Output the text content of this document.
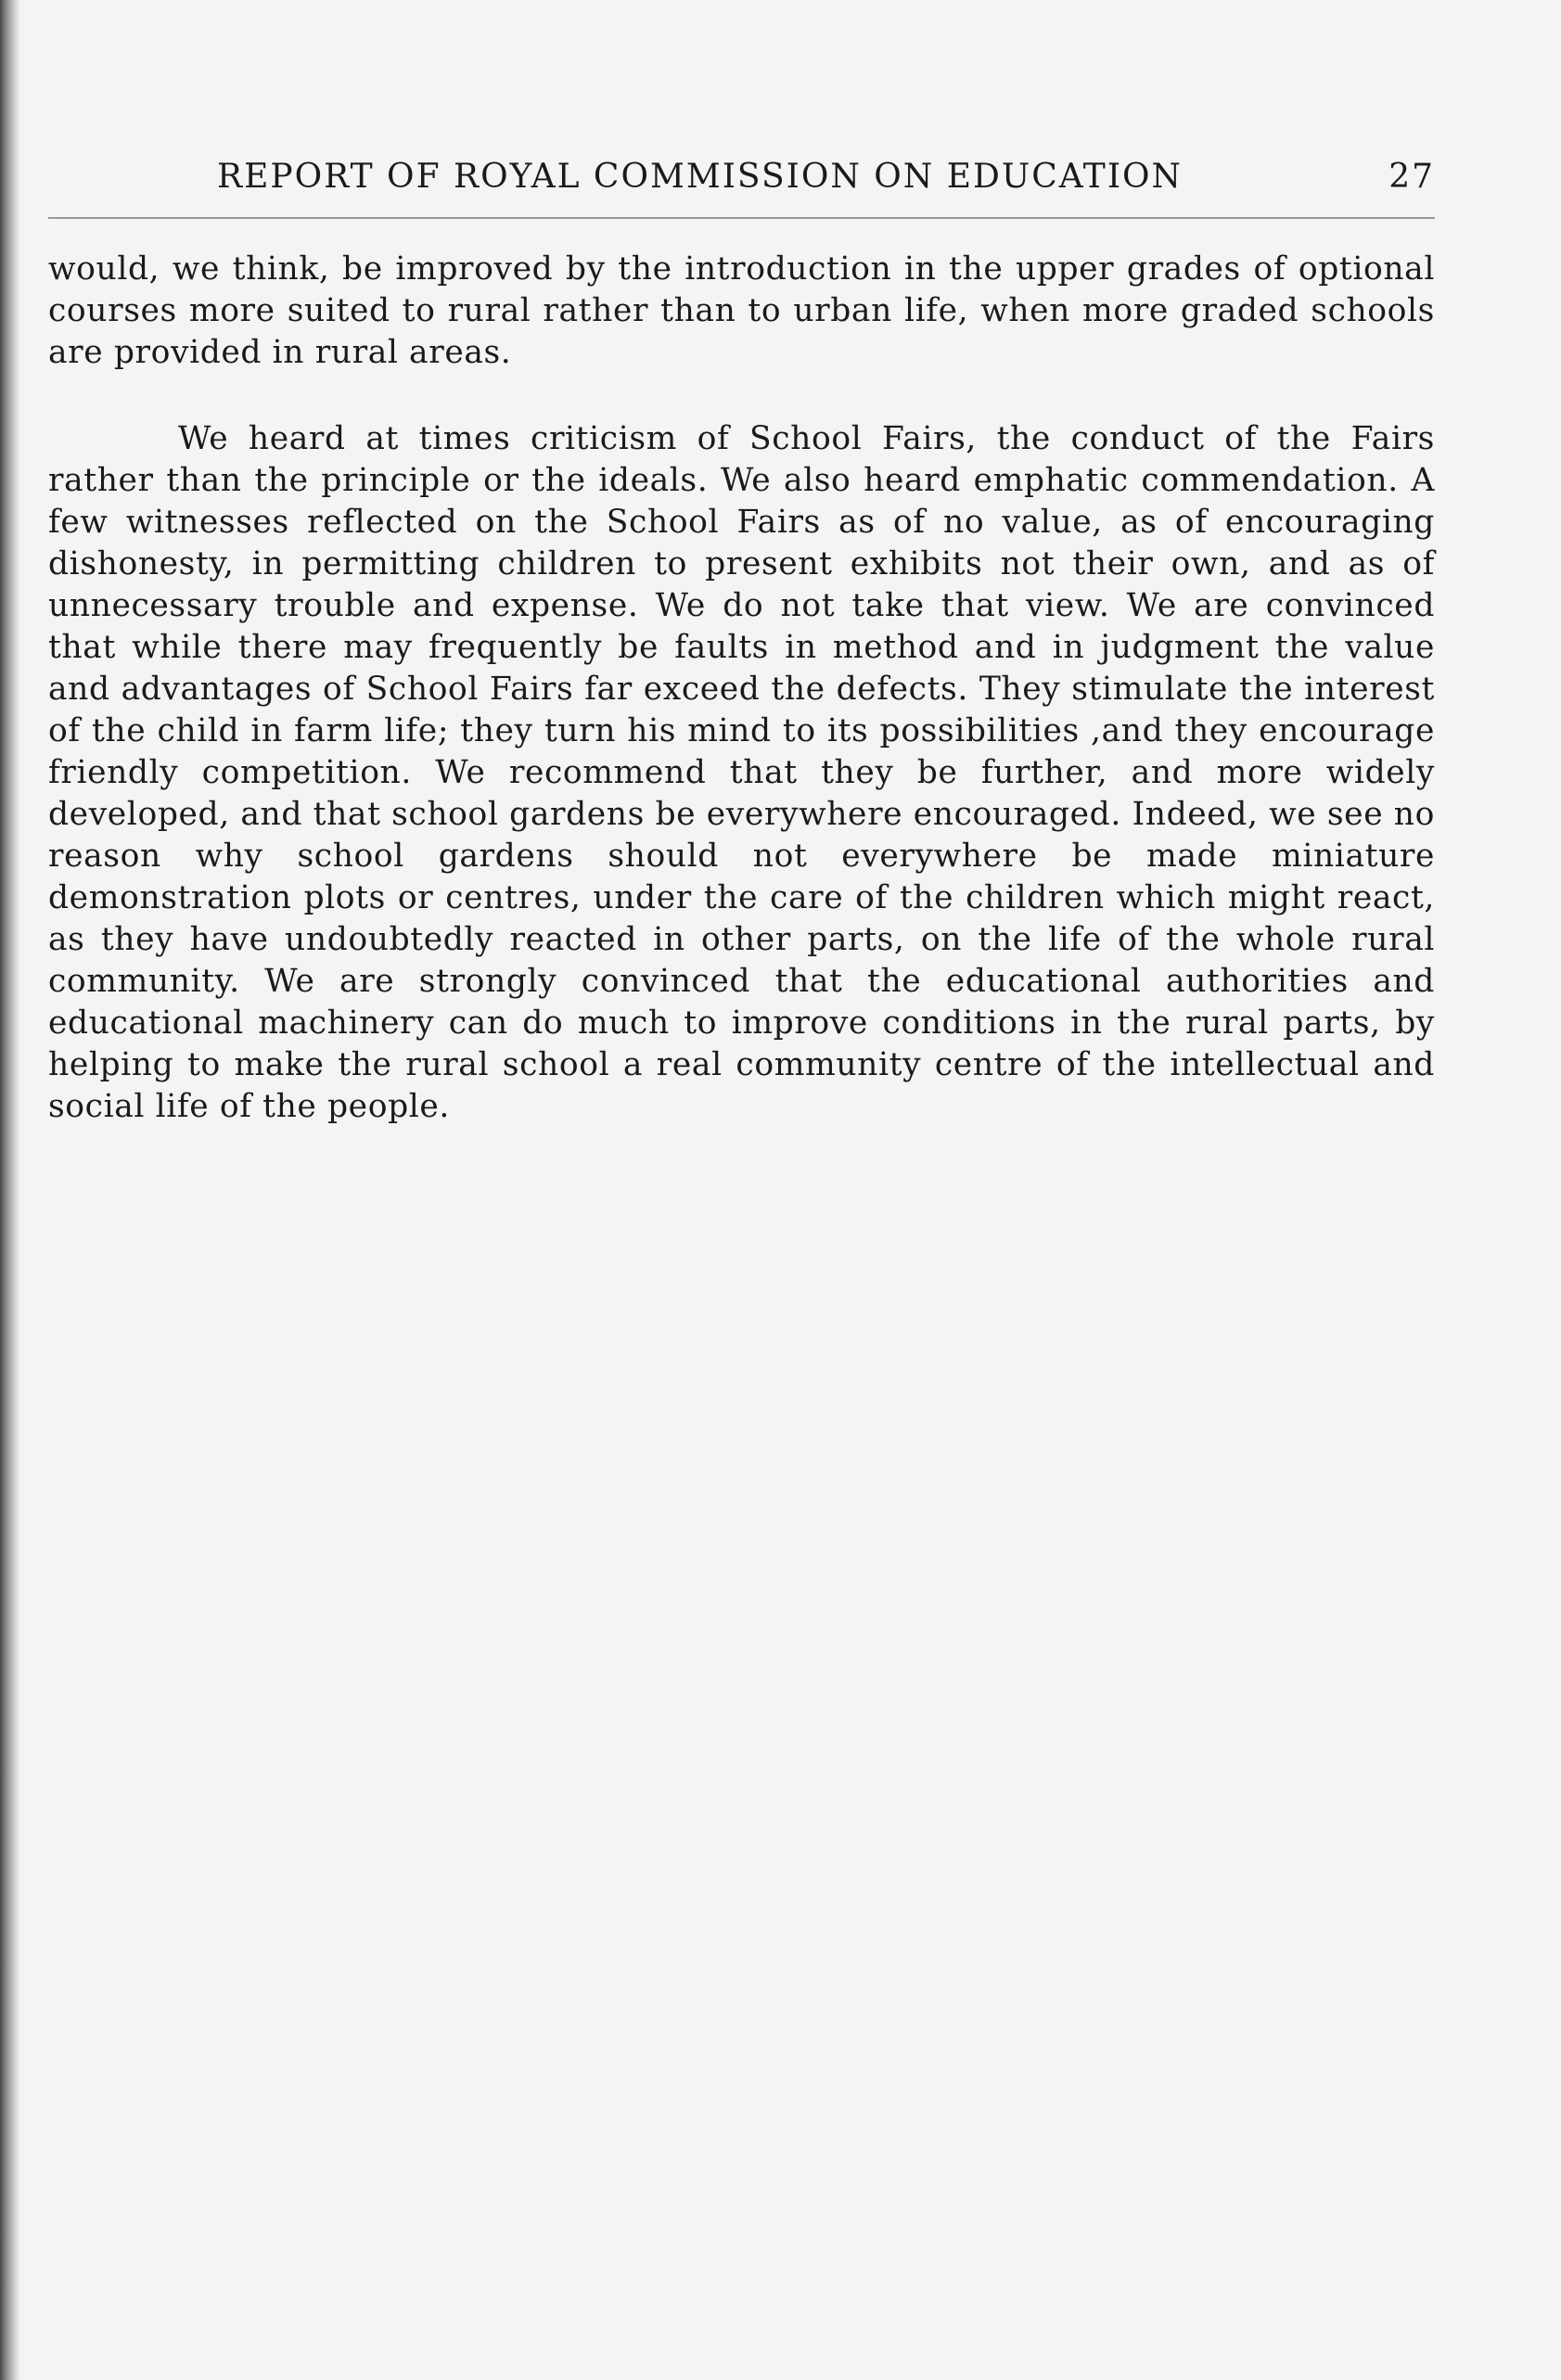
REPORT OF ROYAL COMMISSION ON EDUCATION	27

would, we think, be improved by the introduction in the upper grades of optional courses more suited to rural rather than to urban life, when more graded schools are provided in rural areas.

We heard at times criticism of School Fairs, the conduct of the Fairs rather than the principle or the ideals. We also heard emphatic commendation. A few witnesses reflected on the School Fairs as of no value, as of encouraging dishonesty, in permitting children to present exhibits not their own, and as of unnecessary trouble and expense. We do not take that view. We are convinced that while there may frequently be faults in method and in judgment the value and advantages of School Fairs far exceed the defects. They stimulate the interest of the child in farm life; they turn his mind to its possibilities ,and they encourage friendly competition. We recommend that they be further, and more widely developed, and that school gardens be everywhere encouraged. Indeed, we see no reason why school gardens should not everywhere be made miniature demonstration plots or centres, under the care of the children which might react, as they have undoubtedly reacted in other parts, on the life of the whole rural community. We are strongly convinced that the educational authorities and educational machinery can do much to improve conditions in the rural parts, by helping to make the rural school a real community centre of the intellectual and social life of the people.
